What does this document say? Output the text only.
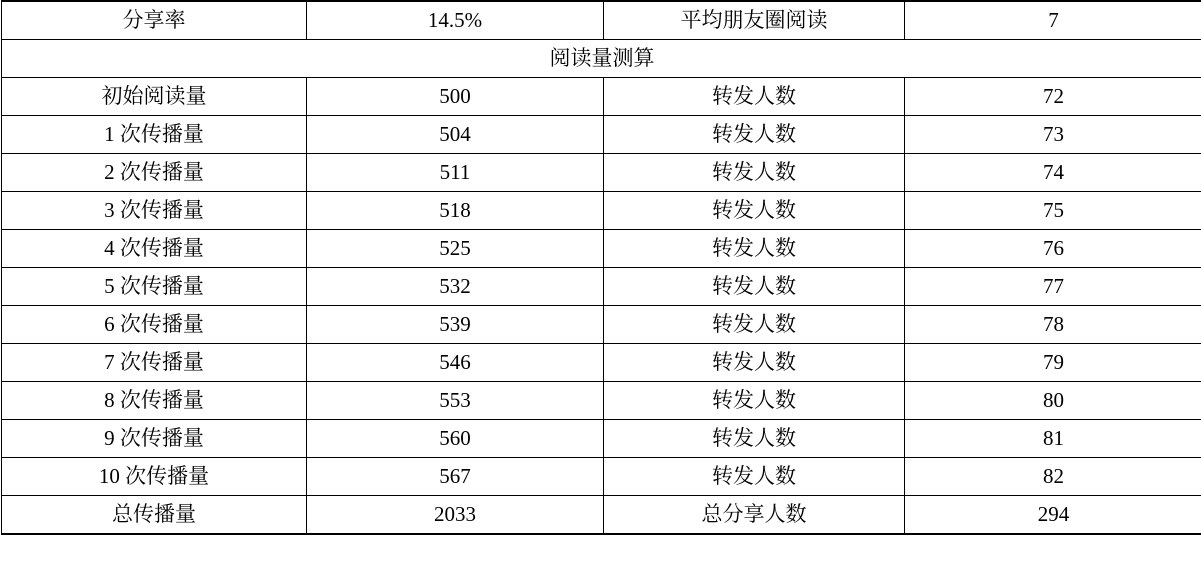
分享率	14.5%	平均朋友圈阅读	7
阅读量测算			
初始阅读量	500	转发人数	72
1 次传播量	504	转发人数	73
2 次传播量	511	转发人数	74
3 次传播量	518	转发人数	75
4 次传播量	525	转发人数	76
5 次传播量	532	转发人数	77
6 次传播量	539	转发人数	78
7 次传播量	546	转发人数	79
8 次传播量	553	转发人数	80
9 次传播量	560	转发人数	81
10 次传播量	567	转发人数	82
总传播量	2033	总分享人数	294
